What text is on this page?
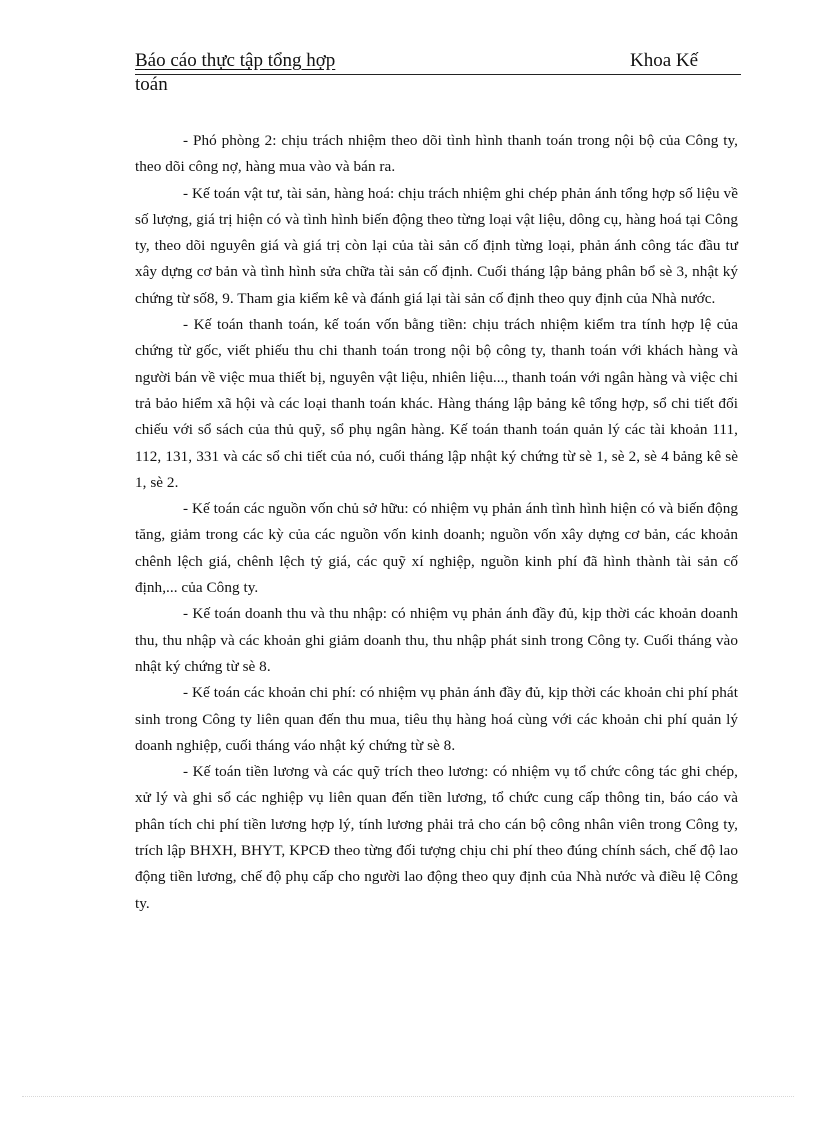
Báo cáo thực tập tổng hợp	Khoa Kế
toán

- Phó phòng 2: chịu trách nhiệm theo dõi tình hình thanh toán trong nội bộ của Công ty, theo dõi công nợ, hàng mua vào và bán ra.

- Kế toán vật tư, tài sản, hàng hoá: chịu trách nhiệm ghi chép phản ánh tổng hợp số liệu về số lượng, giá trị hiện có và tình hình biến động theo từng loại vật liệu, dông cụ, hàng hoá tại Công ty, theo dõi nguyên giá và giá trị còn lại của tài sản cố định từng loại, phản ánh công tác đầu tư xây dựng cơ bản và tình hình sửa chữa tài sản cố định. Cuối tháng lập bảng phân bổ sè 3, nhật ký chứng từ số8, 9. Tham gia kiểm kê và đánh giá lại tài sản cố định theo quy định của Nhà nước.

- Kế toán thanh toán, kế toán vốn bằng tiền: chịu trách nhiệm kiểm tra tính hợp lệ của chứng từ gốc, viết phiếu thu chi thanh toán trong nội bộ công ty, thanh toán với khách hàng và người bán về việc mua thiết bị, nguyên vật liệu, nhiên liệu..., thanh toán với ngân hàng và việc chi trả bảo hiểm xã hội và các loại thanh toán khác. Hàng tháng lập bảng kê tổng hợp, sổ chi tiết đối chiếu với sổ sách của thủ quỹ, sổ phụ ngân hàng. Kế toán thanh toán quản lý các tài khoản 111, 112, 131, 331 và các sổ chi tiết của nó, cuối tháng lập nhật ký chứng từ sè 1, sè 2, sè 4 bảng kê sè 1, sè 2.

- Kế toán các nguồn vốn chủ sở hữu: có nhiệm vụ phản ánh tình hình hiện có và biến động tăng, giảm trong các kỳ của các nguồn vốn kinh doanh; nguồn vốn xây dựng cơ bản, các khoản chênh lệch giá, chênh lệch tỷ giá, các quỹ xí nghiệp, nguồn kinh phí đã hình thành tài sản cố định,... của Công ty.

- Kế toán doanh thu và thu nhập: có nhiệm vụ phản ánh đầy đủ, kịp thời các khoản doanh thu, thu nhập và các khoản ghi giảm doanh thu, thu nhập phát sinh trong Công ty. Cuối tháng vào nhật ký chứng từ sè 8.

- Kế toán các khoản chi phí: có nhiệm vụ phản ánh đầy đủ, kịp thời các khoản chi phí phát sinh trong Công ty liên quan đến thu mua, tiêu thụ hàng hoá cùng với các khoản chi phí quản lý doanh nghiệp, cuối tháng váo nhật ký chứng từ sè 8.

- Kế toán tiền lương và các quỹ trích theo lương: có nhiệm vụ tổ chức công tác ghi chép, xử lý và ghi sổ các nghiệp vụ liên quan đến tiền lương, tổ chức cung cấp thông tin, báo cáo và phân tích chi phí tiền lương hợp lý, tính lương phải trả cho cán bộ công nhân viên trong Công ty, trích lập BHXH, BHYT, KPCĐ theo từng đối tượng chịu chi phí theo đúng chính sách, chế độ lao động tiền lương, chế độ phụ cấp cho người lao động theo quy định của Nhà nước và điều lệ Công ty.
